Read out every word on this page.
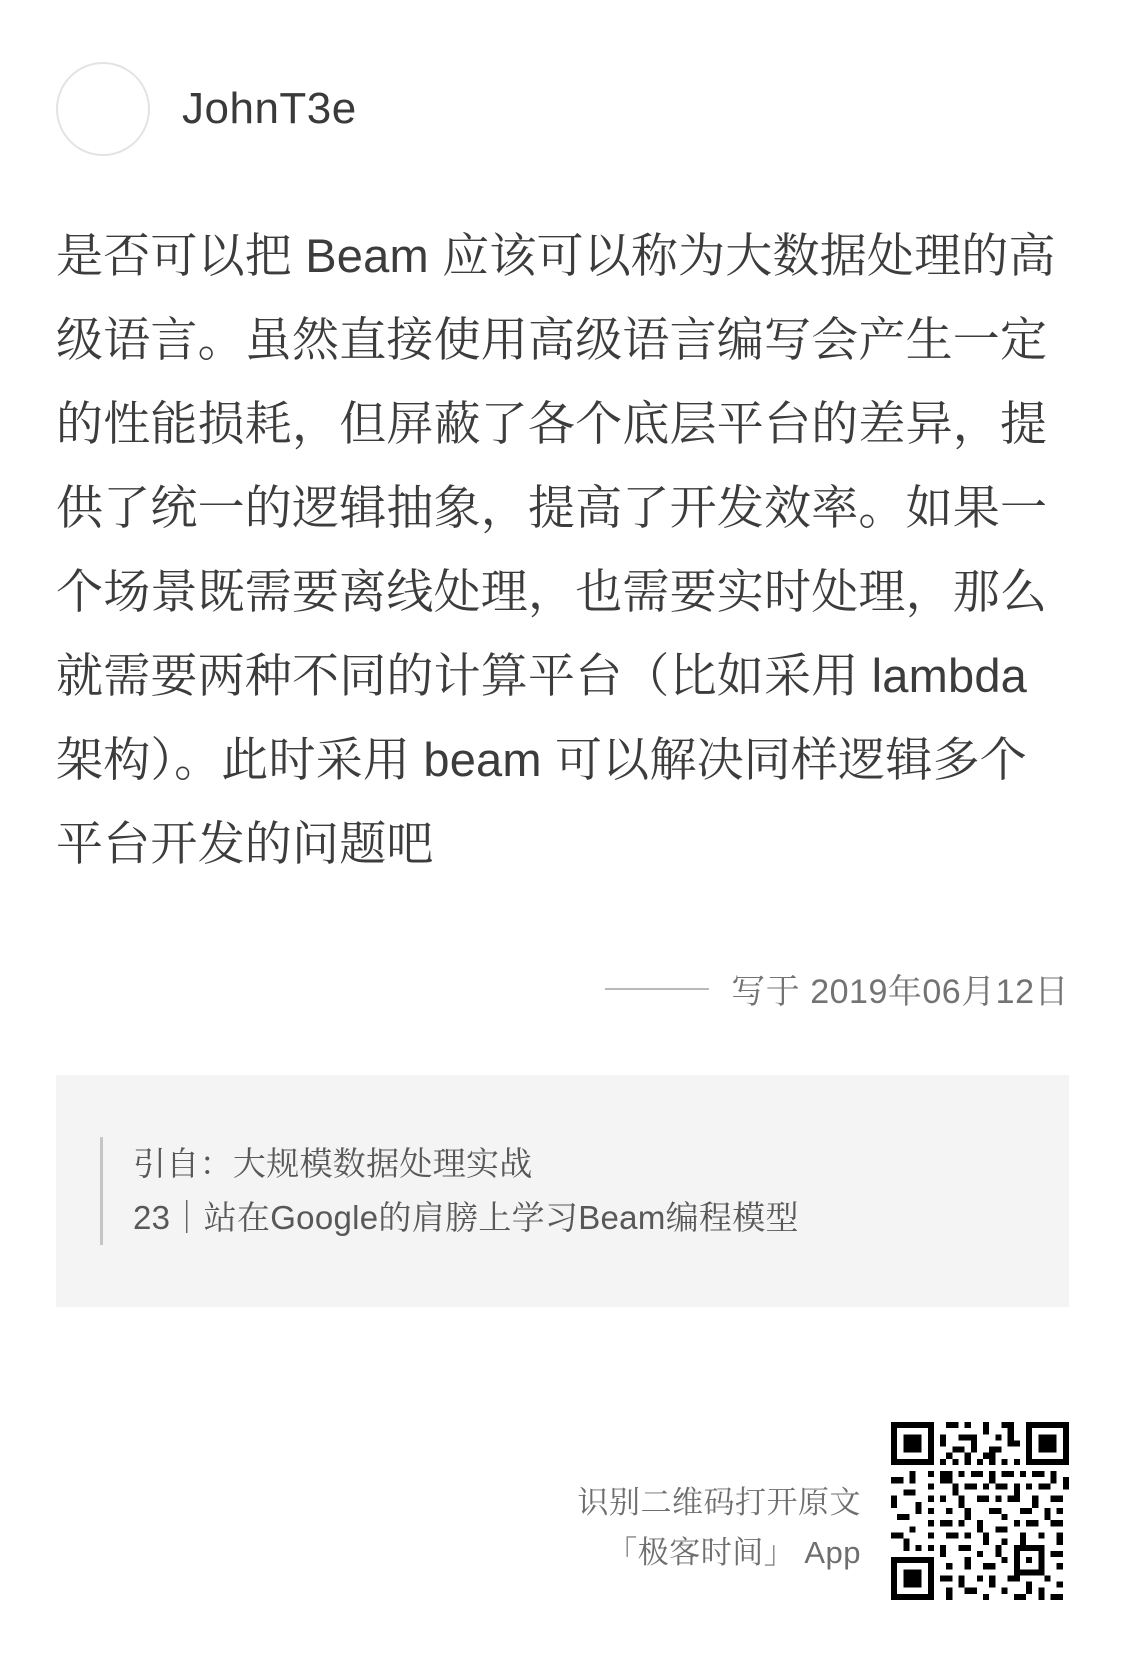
JohnT3e
是否可以把 Beam 应该可以称为大数据处理的高级语言。虽然直接使用高级语言编写会产生一定的性能损耗，但屏蔽了各个底层平台的差异，提供了统一的逻辑抽象，提高了开发效率。如果一个场景既需要离线处理，也需要实时处理，那么就需要两种不同的计算平台（比如采用 lambda 架构）。此时采用 beam 可以解决同样逻辑多个平台开发的问题吧
写于 2019年06月12日
引自：大规模数据处理实战
23｜站在Google的肩膀上学习Beam编程模型
识别二维码打开原文
「极客时间」 App
